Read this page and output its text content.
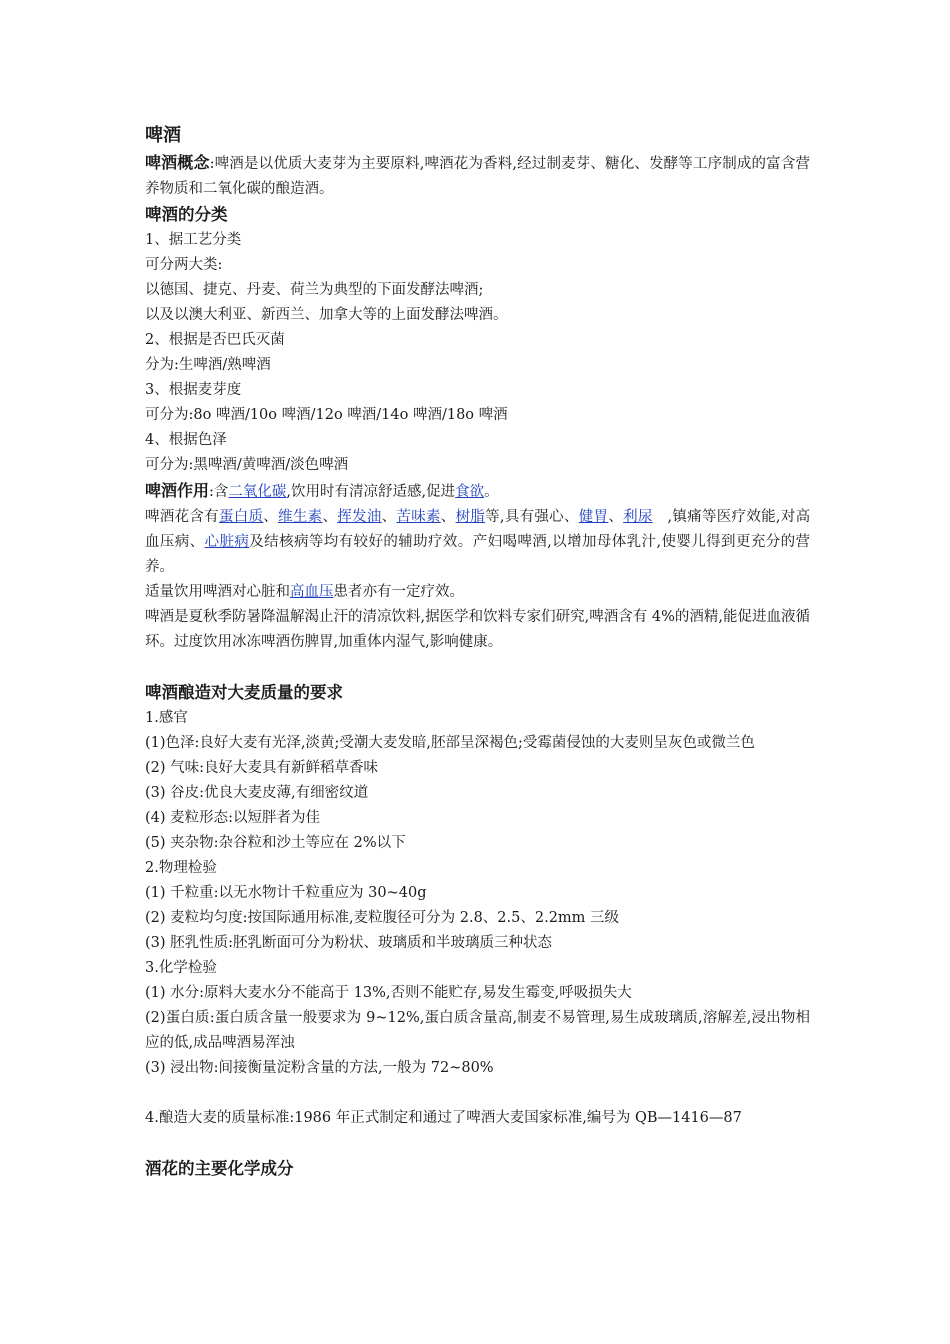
啤酒

啤酒概念:啤酒是以优质大麦芽为主要原料,啤酒花为香料,经过制麦芽、糖化、发酵等工序制成的富含营养物质和二氧化碳的酿造酒。

啤酒的分类

1、据工艺分类

可分两大类:

以德国、捷克、丹麦、荷兰为典型的下面发酵法啤酒;

以及以澳大利亚、新西兰、加拿大等的上面发酵法啤酒。

2、根据是否巴氏灭菌

分为:生啤酒/熟啤酒

3、根据麦芽度

可分为:8o 啤酒/10o 啤酒/12o 啤酒/14o 啤酒/18o 啤酒

4、根据色泽

可分为:黑啤酒/黄啤酒/淡色啤酒

啤酒作用:含二氧化碳,饮用时有清凉舒适感,促进食欲。

啤酒花含有蛋白质、维生素、挥发油、苦味素、树脂等,具有强心、健胃、利尿　,镇痛等医疗效能,对高血压病、心脏病及结核病等均有较好的辅助疗效。产妇喝啤酒,以增加母体乳汁,使婴儿得到更充分的营养。

适量饮用啤酒对心脏和高血压患者亦有一定疗效。

啤酒是夏秋季防暑降温解渴止汗的清凉饮料,据医学和饮料专家们研究,啤酒含有 4%的酒精,能促进血液循环。过度饮用冰冻啤酒伤脾胃,加重体内湿气,影响健康。

啤酒酿造对大麦质量的要求

1.感官

(1)色泽:良好大麦有光泽,淡黄;受潮大麦发暗,胚部呈深褐色;受霉菌侵蚀的大麦则呈灰色或微兰色

(2) 气味:良好大麦具有新鲜稻草香味

(3) 谷皮:优良大麦皮薄,有细密纹道

(4) 麦粒形态:以短胖者为佳

(5) 夹杂物:杂谷粒和沙土等应在 2%以下

2.物理检验

(1) 千粒重:以无水物计千粒重应为 30~40g

(2) 麦粒均匀度:按国际通用标准,麦粒腹径可分为 2.8、2.5、2.2mm 三级

(3) 胚乳性质:胚乳断面可分为粉状、玻璃质和半玻璃质三种状态

3.化学检验

(1) 水分:原料大麦水分不能高于 13%,否则不能贮存,易发生霉变,呼吸损失大

(2)蛋白质:蛋白质含量一般要求为 9~12%,蛋白质含量高,制麦不易管理,易生成玻璃质,溶解差,浸出物相应的低,成品啤酒易浑浊

(3) 浸出物:间接衡量淀粉含量的方法,一般为 72~80%

4.酿造大麦的质量标准:1986 年正式制定和通过了啤酒大麦国家标准,编号为 QB—1416—87

酒花的主要化学成分
